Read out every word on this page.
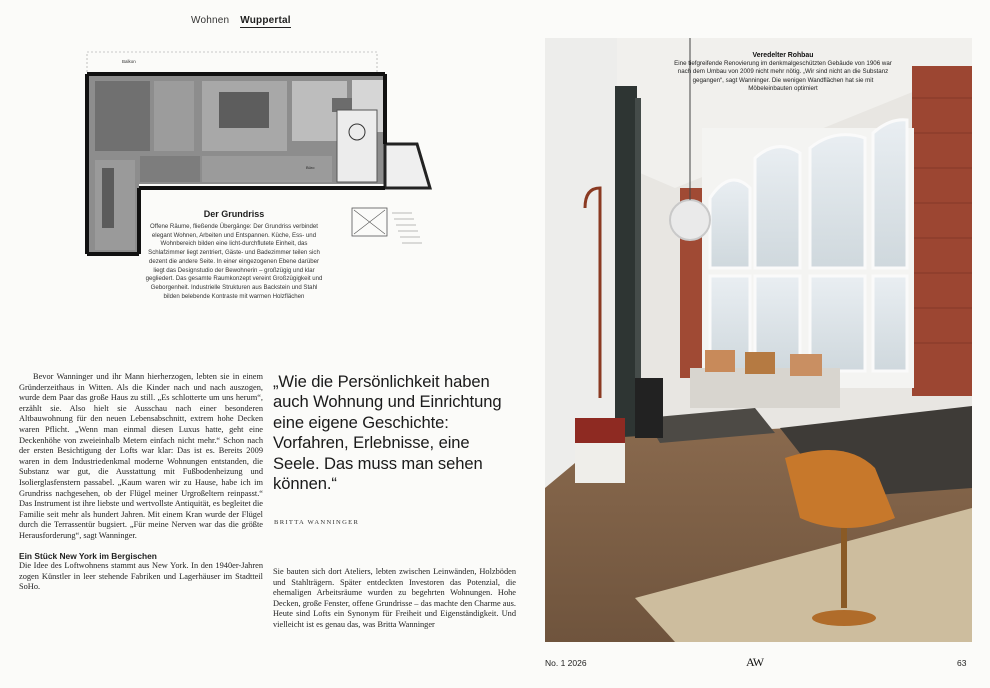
Wohnen Wuppertal
Balkon
Büro
Der Grundriss

Offene Räume, fließende Übergänge: Der Grundriss verbindet elegant Wohnen, Arbeiten und Entspannen. Küche, Ess- und Wohnbereich bilden eine licht-durchflutete Einheit, das Schlafzimmer liegt zentriert, Gäste- und Badezimmer teilen sich dezent die andere Seite. In einer eingezogenen Ebene darüber liegt das Designstudio der Bewohnerin – großzügig und klar gegliedert. Das gesamte Raumkonzept vereint Großzügigkeit und Geborgenheit. Industrielle Strukturen aus Backstein und Stahl bilden belebende Kontraste mit warmen Holzflächen

Bevor Wanninger und ihr Mann hierherzogen, lebten sie in einem Gründerzeithaus in Witten. Als die Kinder nach und nach auszogen, wurde dem Paar das große Haus zu still. „Es schlotterte um uns herum“, erzählt sie. Also hielt sie Ausschau nach einer besonderen Altbauwohnung für den neuen Lebensabschnitt, extrem hohe Decken waren Pflicht. „Wenn man einmal diesen Luxus hatte, geht eine Deckenhöhe von zweieinhalb Metern einfach nicht mehr.“ Schon nach der ersten Besichtigung der Lofts war klar: Das ist es. Bereits 2009 waren in dem Industriedenkmal moderne Wohnungen entstanden, die Substanz war gut, die Ausstattung mit Fußbodenheizung und Isolierglasfenstern passabel. „Kaum waren wir zu Hause, habe ich im Grundriss nachgesehen, ob der Flügel meiner Urgroßeltern reinpasst.“ Das Instrument ist ihre liebste und wertvollste Antiquität, es begleitet die Familie seit mehr als hundert Jahren. Mit einem Kran wurde der Flügel durch die Terrassentür bugsiert. „Für meine Nerven war das die größte Herausforderung“, sagt Wanninger.

Ein Stück New York im Bergischen

Die Idee des Loftwohnens stammt aus New York. In den 1940er-Jahren zogen Künstler in leer stehende Fabriken und Lagerhäuser im Stadtteil SoHo.

„Wie die Persönlichkeit haben auch Wohnung und Einrichtung eine eigene Geschichte: Vorfahren, Erlebnisse, eine Seele. Das muss man sehen können.“
BRITTA WANNINGER

Sie bauten sich dort Ateliers, lebten zwischen Leinwänden, Holzböden und Stahlträgern. Später entdeckten Investoren das Potenzial, die ehemaligen Arbeitsräume wurden zu begehrten Wohnungen. Hohe Decken, große Fenster, offene Grundrisse – das machte den Charme aus. Heute sind Lofts ein Synonym für Freiheit und Eigenständigkeit. Und vielleicht ist es genau das, was Britta Wanninger

Veredelter Rohbau

Eine tiefgreifende Renovierung im denkmalgeschützten Gebäude von 1906 war nach dem Umbau von 2009 nicht mehr nötig. „Wir sind nicht an die Substanz gegangen“, sagt Wanninger. Die wenigen Wandflächen hat sie mit Möbeleinbauten optimiert

No. 1 2026	AW	63
